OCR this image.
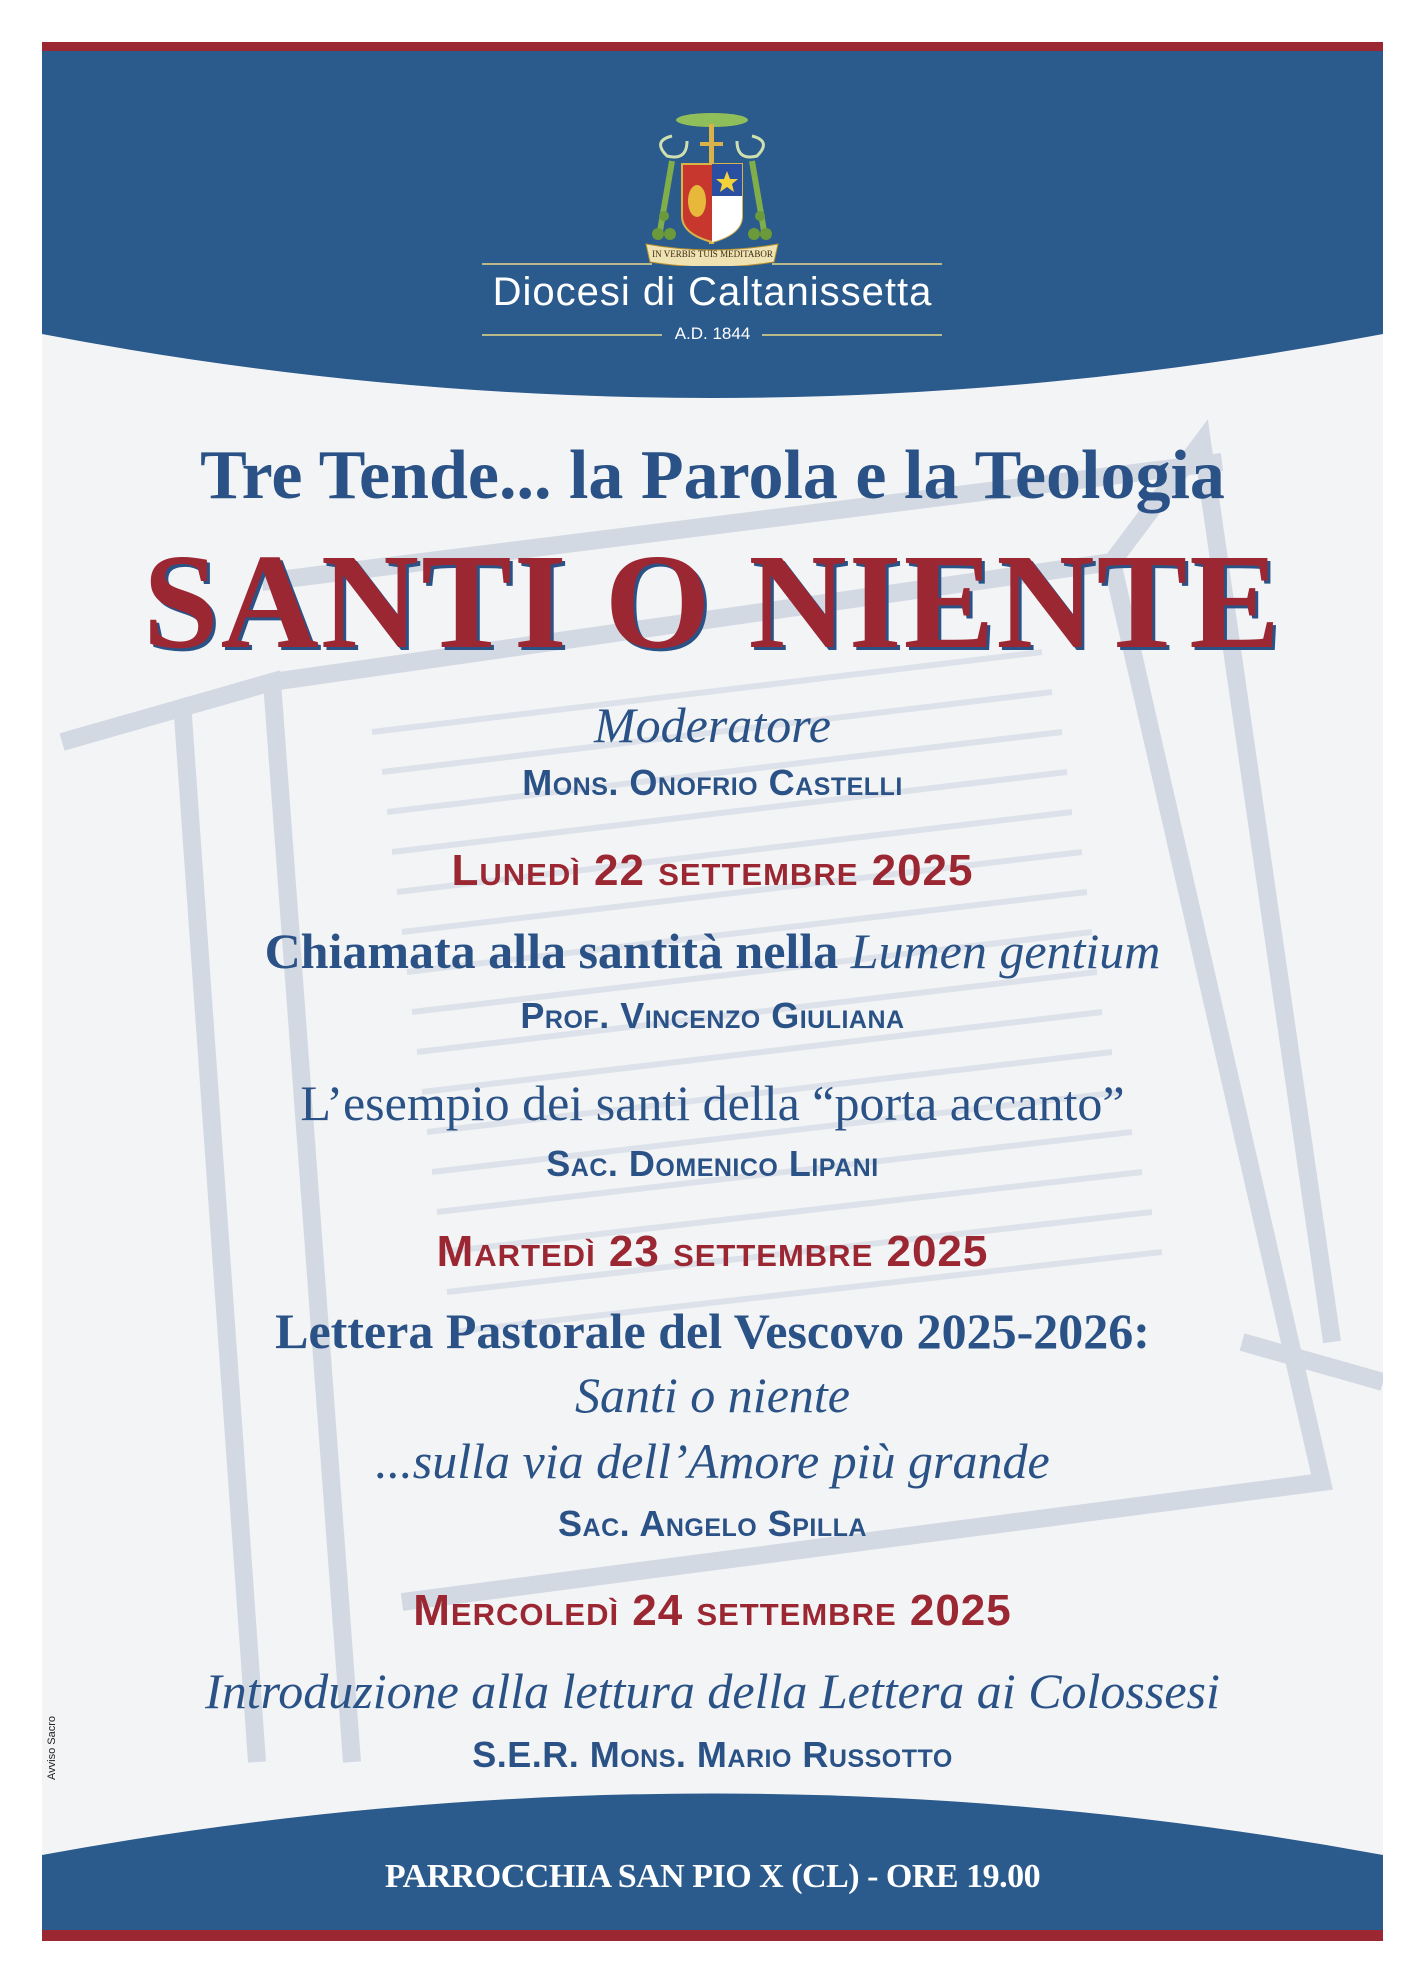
IN VERBIS TUIS MEDITABOR
Diocesi di Caltanissetta
A.D. 1844
Tre Tende... la Parola e la Teologia
SANTI O NIENTE
Moderatore
Mons. Onofrio Castelli
Lunedì 22 settembre 2025
Chiamata alla santità nella Lumen gentium
Prof. Vincenzo Giuliana
L’esempio dei santi della “porta accanto”
Sac. Domenico Lipani
Martedì 23 settembre 2025
Lettera Pastorale del Vescovo 2025-2026:
Santi o niente
...sulla via dell’Amore più grande
Sac. Angelo Spilla
Mercoledì 24 settembre 2025
Introduzione alla lettura della Lettera ai Colossesi
S.E.R. Mons. Mario Russotto
PARROCCHIA SAN PIO X (CL) - ORE 19.00
Avviso Sacro
